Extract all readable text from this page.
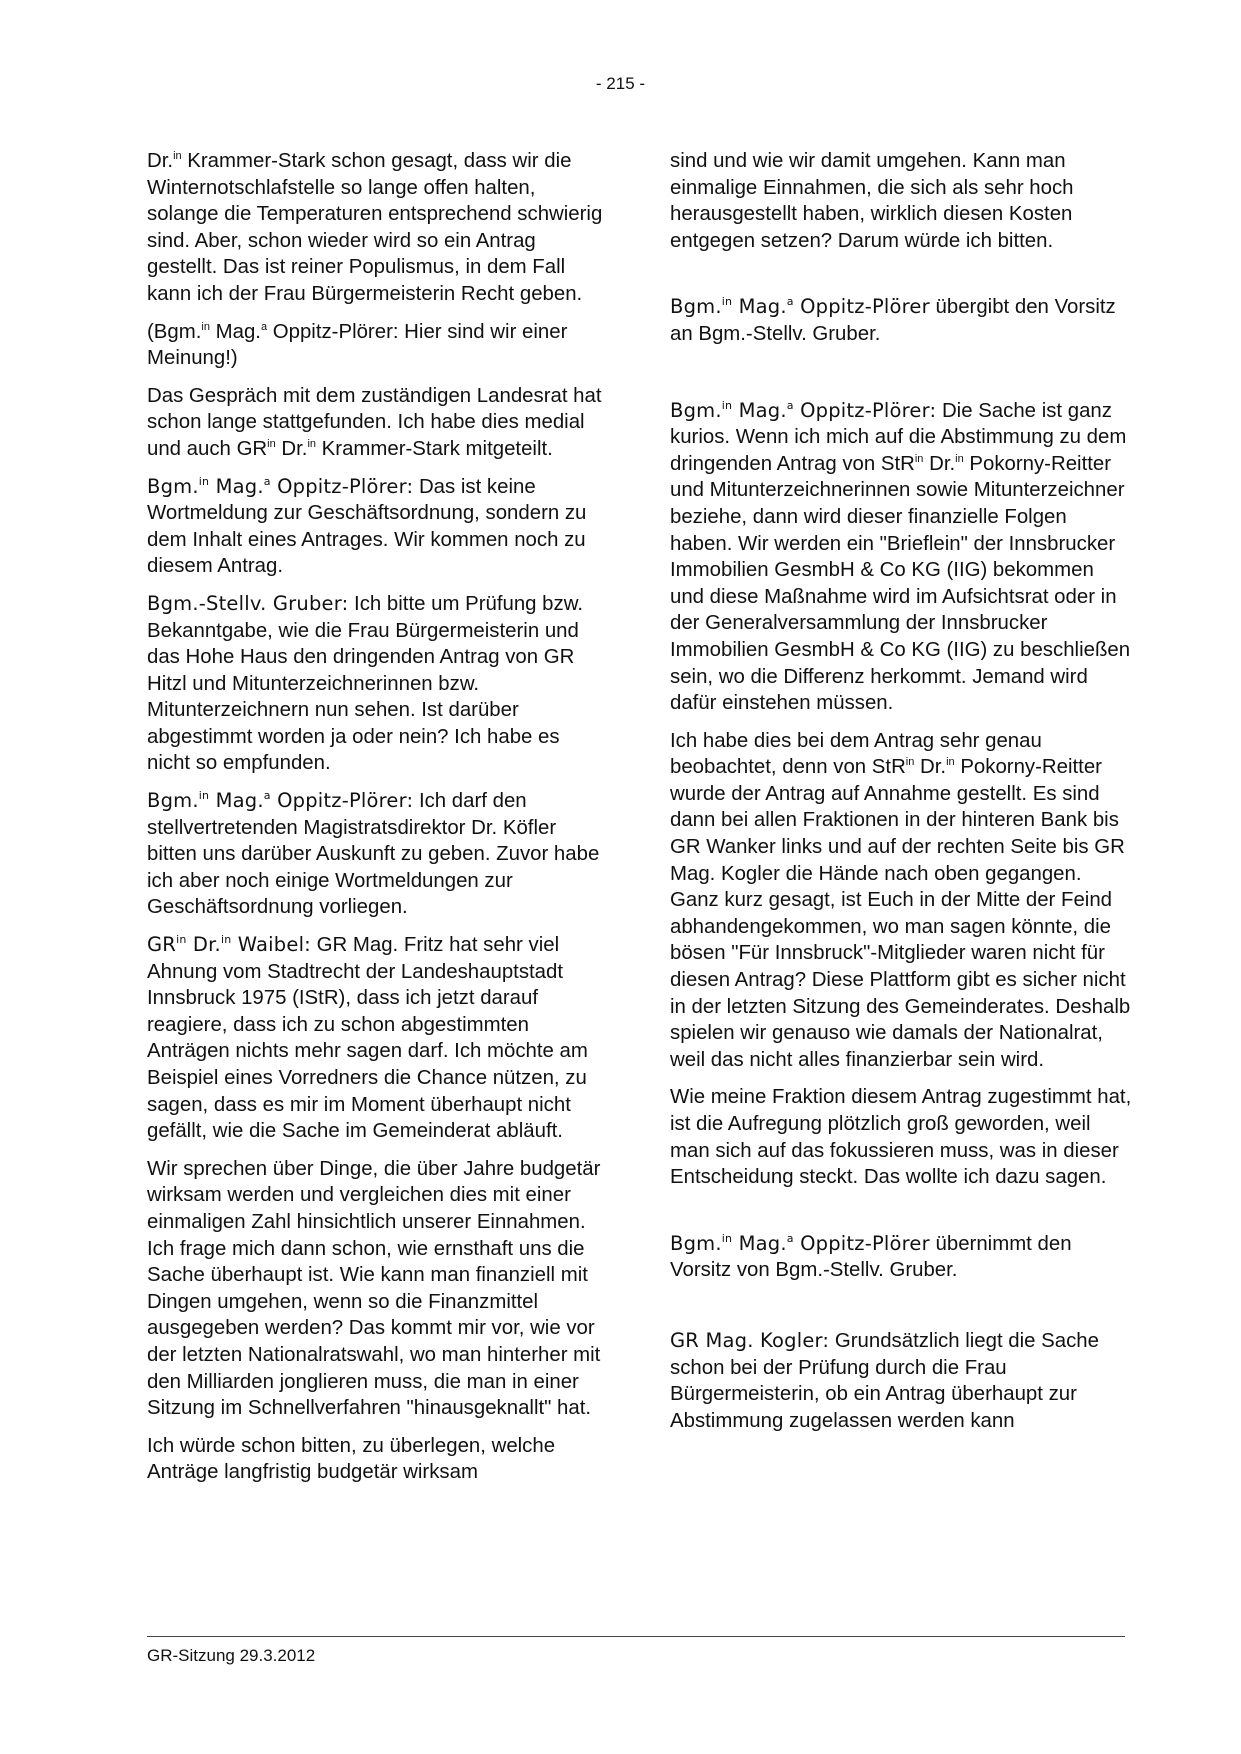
- 215 -

Dr.$^{in}$ Krammer-Stark schon gesagt, dass wir die Winternotschlafstelle so lange offen halten, solange die Temperaturen entsprechend schwierig sind. Aber, schon wieder wird so ein Antrag gestellt. Das ist reiner Populismus, in dem Fall kann ich der Frau Bürgermeisterin Recht geben.

(Bgm.$^{in}$ Mag.$^a$ Oppitz-Plörer: Hier sind wir einer Meinung!)

Das Gespräch mit dem zuständigen Landesrat hat schon lange stattgefunden. Ich habe dies medial und auch $GR^{in}$ Dr.$^{in}$ Krammer-Stark mitgeteilt.

Bgm.$^{in}$ Mag.$^a$ Oppitz-Plörer: Das ist keine Wortmeldung zur Geschäftsordnung, sondern zu dem Inhalt eines Antrages. Wir kommen noch zu diesem Antrag.

Bgm.-Stellv. Gruber: Ich bitte um Prüfung bzw. Bekanntgabe, wie die Frau Bürgermeisterin und das Hohe Haus den dringenden Antrag von GR Hitzl und Mitunterzeichnerinnen bzw. Mitunterzeichnern nun sehen. Ist darüber abgestimmt worden ja oder nein? Ich habe es nicht so empfunden.

Bgm.$^{in}$ Mag.$^a$ Oppitz-Plörer: Ich darf den stellvertretenden Magistratsdirektor Dr. Köfler bitten uns darüber Auskunft zu geben. Zuvor habe ich aber noch einige Wortmeldungen zur Geschäftsordnung vorliegen.

$GR^{in}$ Dr.$^{in}$ Waibel: GR Mag. Fritz hat sehr viel Ahnung vom Stadtrecht der Landeshauptstadt Innsbruck 1975 (IStR), dass ich jetzt darauf reagiere, dass ich zu schon abgestimmten Anträgen nichts mehr sagen darf. Ich möchte am Beispiel eines Vorredners die Chance nützen, zu sagen, dass es mir im Moment überhaupt nicht gefällt, wie die Sache im Gemeinderat abläuft.

Wir sprechen über Dinge, die über Jahre budgetär wirksam werden und vergleichen dies mit einer einmaligen Zahl hinsichtlich unserer Einnahmen. Ich frage mich dann schon, wie ernsthaft uns die Sache überhaupt ist. Wie kann man finanziell mit Dingen umgehen, wenn so die Finanzmittel ausgegeben werden? Das kommt mir vor, wie vor der letzten Nationalratswahl, wo man hinterher mit den Milliarden jonglieren muss, die man in einer Sitzung im Schnellverfahren "hinausgeknallt" hat.

Ich würde schon bitten, zu überlegen, welche Anträge langfristig budgetär wirksam

sind und wie wir damit umgehen. Kann man einmalige Einnahmen, die sich als sehr hoch herausgestellt haben, wirklich diesen Kosten entgegen setzen? Darum würde ich bitten.

Bgm.$^{in}$ Mag.$^a$ Oppitz-Plörer übergibt den Vorsitz an Bgm.-Stellv. Gruber.

Bgm.$^{in}$ Mag.$^a$ Oppitz-Plörer: Die Sache ist ganz kurios. Wenn ich mich auf die Abstimmung zu dem dringenden Antrag von StR$^{in}$ Dr.$^{in}$ Pokorny-Reitter und Mitunterzeichnerinnen sowie Mitunterzeichner beziehe, dann wird dieser finanzielle Folgen haben. Wir werden ein "Brieflein" der Innsbrucker Immobilien GesmbH & Co KG (IIG) bekommen und diese Maßnahme wird im Aufsichtsrat oder in der Generalversammlung der Innsbrucker Immobilien GesmbH & Co KG (IIG) zu beschließen sein, wo die Differenz herkommt. Jemand wird dafür einstehen müssen.

Ich habe dies bei dem Antrag sehr genau beobachtet, denn von StR$^{in}$ Dr.$^{in}$ Pokorny-Reitter wurde der Antrag auf Annahme gestellt. Es sind dann bei allen Fraktionen in der hinteren Bank bis GR Wanker links und auf der rechten Seite bis GR Mag. Kogler die Hände nach oben gegangen. Ganz kurz gesagt, ist Euch in der Mitte der Feind abhandengekommen, wo man sagen könnte, die bösen "Für Innsbruck"-Mitglieder waren nicht für diesen Antrag? Diese Plattform gibt es sicher nicht in der letzten Sitzung des Gemeinderates. Deshalb spielen wir genauso wie damals der Nationalrat, weil das nicht alles finanzierbar sein wird.

Wie meine Fraktion diesem Antrag zugestimmt hat, ist die Aufregung plötzlich groß geworden, weil man sich auf das fokussieren muss, was in dieser Entscheidung steckt. Das wollte ich dazu sagen.

Bgm.$^{in}$ Mag.$^a$ Oppitz-Plörer übernimmt den Vorsitz von Bgm.-Stellv. Gruber.

GR Mag. Kogler: Grundsätzlich liegt die Sache schon bei der Prüfung durch die Frau Bürgermeisterin, ob ein Antrag überhaupt zur Abstimmung zugelassen werden kann

GR-Sitzung 29.3.2012
